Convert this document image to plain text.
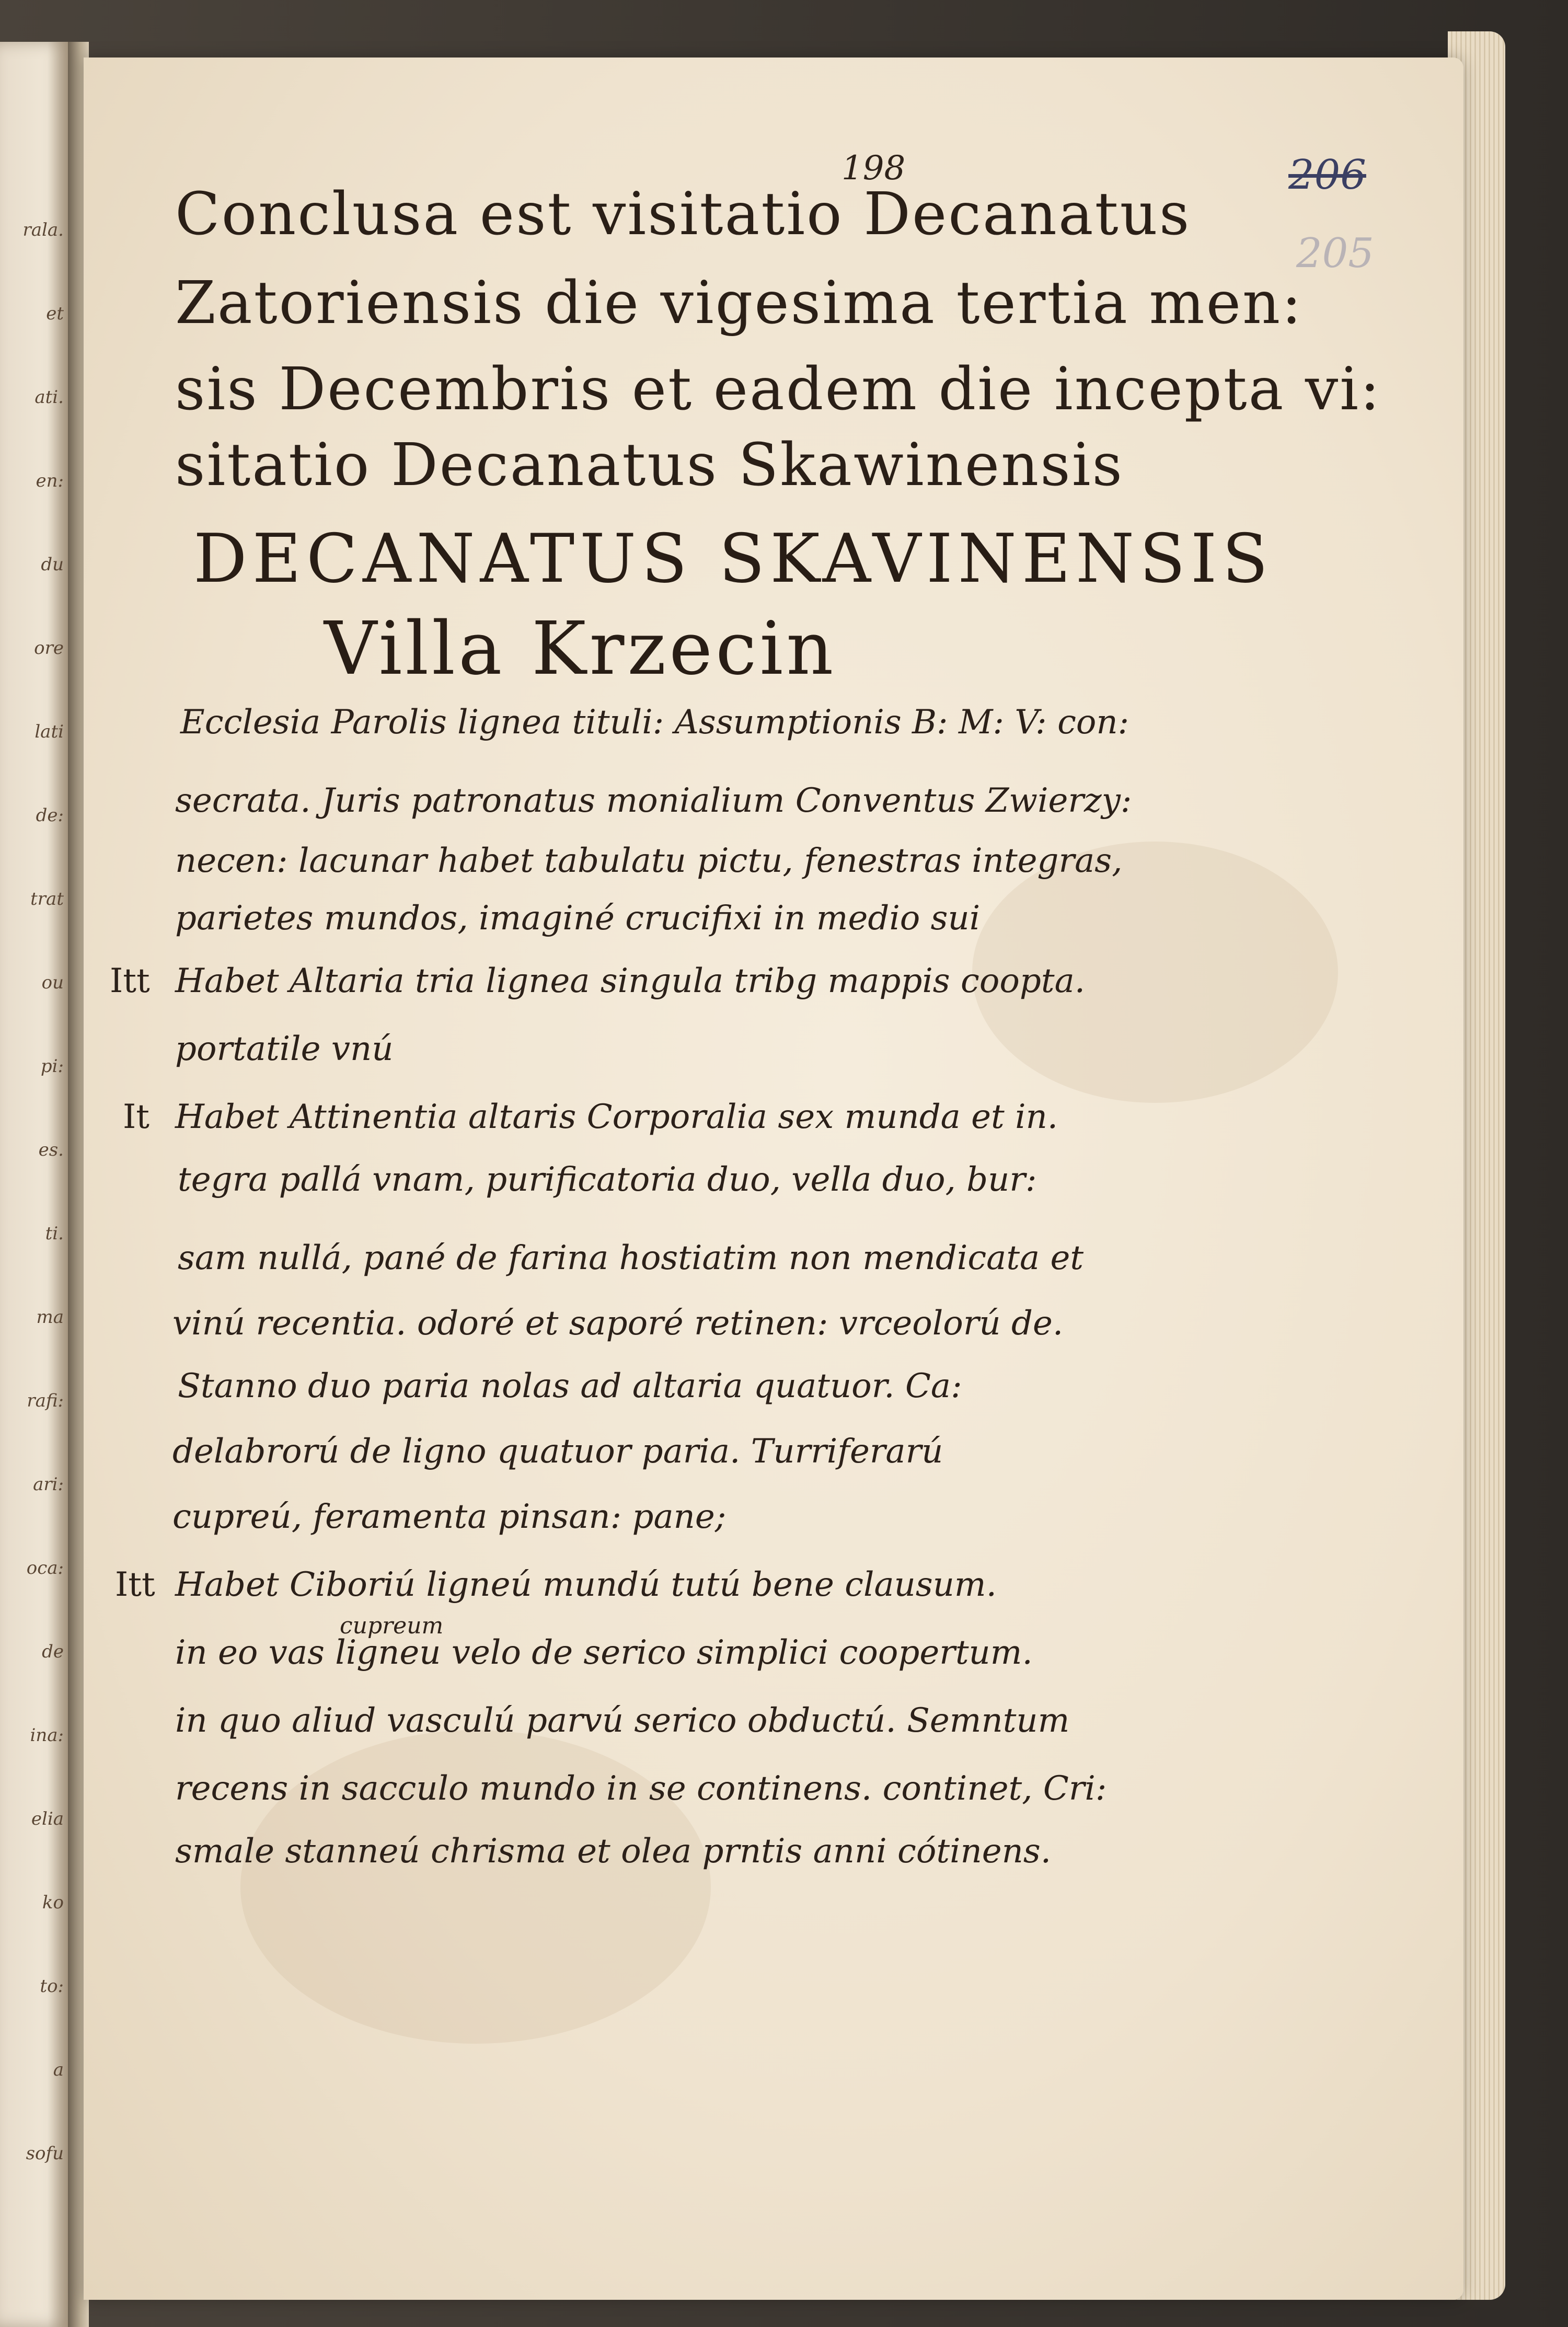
rala.
et
ati.
en:
du
ore
lati
de:
trat
ou
pi:
es.
ti.
ma
rafi:
ari:
oca:
de
ina:
elia
ko
to:
a
sofu
198	206
205
Conclusa est visitatio Decanatus
Zatoriensis die vigesima tertia men:
sis Decembris et eadem die incepta vi:
sitatio Decanatus Skawinensis
DECANATUS SKAVINENSIS
Villa Krzecin
Ecclesia Parolis lignea tituli: Assumptionis B: M: V: con:
secrata. Juris patronatus monialium Conventus Zwierzy:
necen: lacunar habet tabulatu pictu, fenestras integras,
parietes mundos, imaginé crucifixi in medio sui
Itt Habet Altaria tria lignea singula tribg mappis coopta.
portatile vnú
It Habet Attinentia altaris Corporalia sex munda et in.
tegra pallá vnam, purificatoria duo, vella duo, bur:
sam nullá, pané de farina hostiatim non mendicata et
vinú recentia. odoré et saporé retinen: vrceolorú de.
Stanno duo paria nolas ad altaria quatuor. Ca:
delabrorú de ligno quatuor paria. Turriferarú
cupreú, feramenta pinsan: pane;
Itt Habet Ciboriú ligneú mundú tutú bene clausum.
cupreum
in eo vas ligneu velo de serico simplici coopertum.
in quo aliud vasculú parvú serico obductú. Semntum
recens in sacculo mundo in se continens. continet, Cri:
smale stanneú chrisma et olea prntis anni cótinens.
